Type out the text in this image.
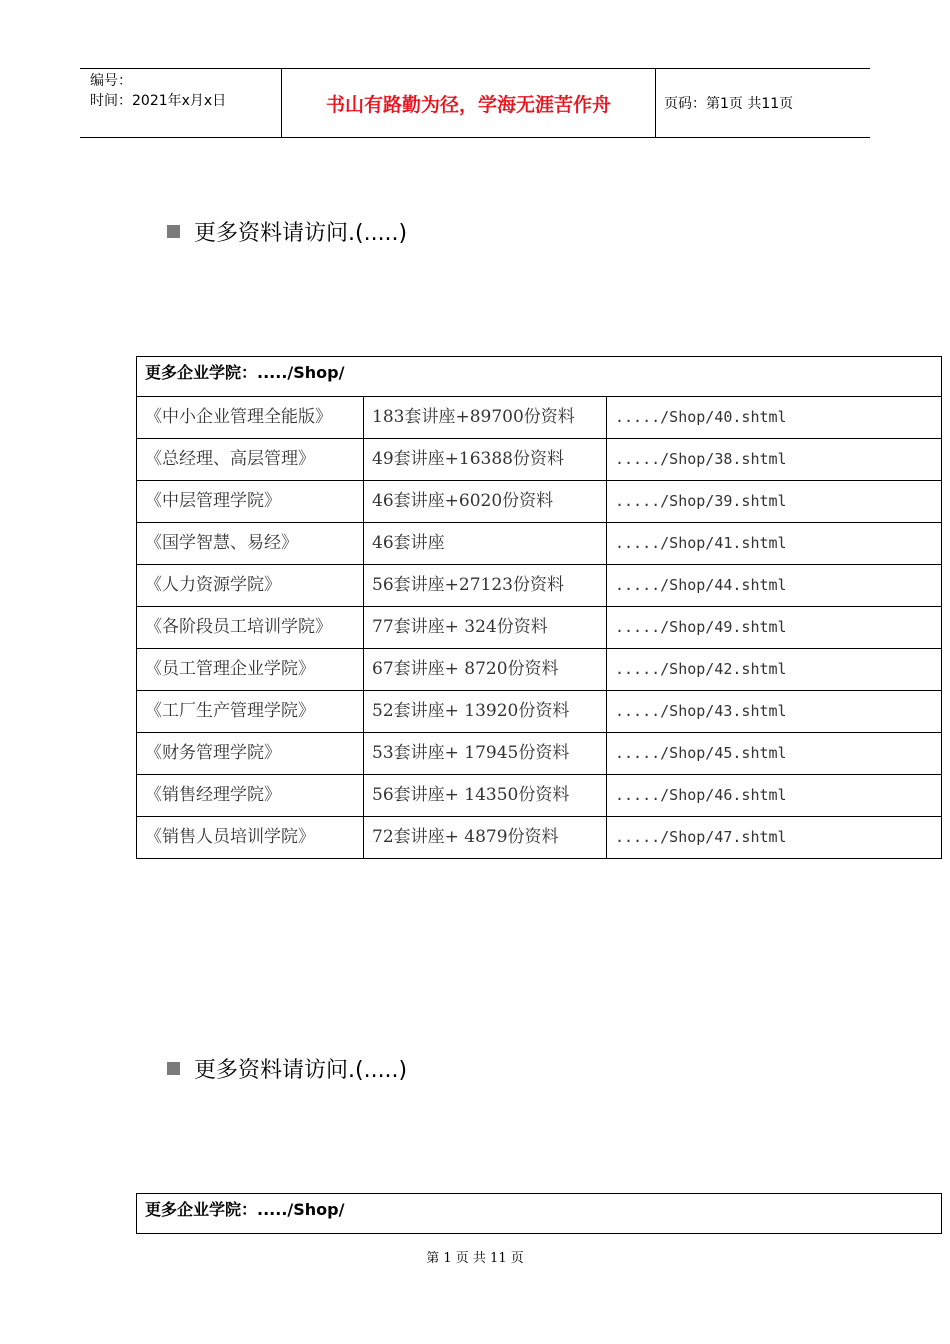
编号：
时间：2021年x月x日	书山有路勤为径，学海无涯苦作舟	页码：第1页 共11页
更多资料请访问.(.....)
更多企业学院：...../Shop/		
《中小企业管理全能版》	183套讲座+89700份资料	...../Shop/40.shtml
《总经理、高层管理》	49套讲座+16388份资料	...../Shop/38.shtml
《中层管理学院》	46套讲座+6020份资料	...../Shop/39.shtml
《国学智慧、易经》	46套讲座	...../Shop/41.shtml
《人力资源学院》	56套讲座+27123份资料	...../Shop/44.shtml
《各阶段员工培训学院》	77套讲座+ 324份资料	...../Shop/49.shtml
《员工管理企业学院》	67套讲座+ 8720份资料	...../Shop/42.shtml
《工厂生产管理学院》	52套讲座+ 13920份资料	...../Shop/43.shtml
《财务管理学院》	53套讲座+ 17945份资料	...../Shop/45.shtml
《销售经理学院》	56套讲座+ 14350份资料	...../Shop/46.shtml
《销售人员培训学院》	72套讲座+ 4879份资料	...../Shop/47.shtml
更多资料请访问.(.....)
更多企业学院：...../Shop/
第 1 页 共 11 页
